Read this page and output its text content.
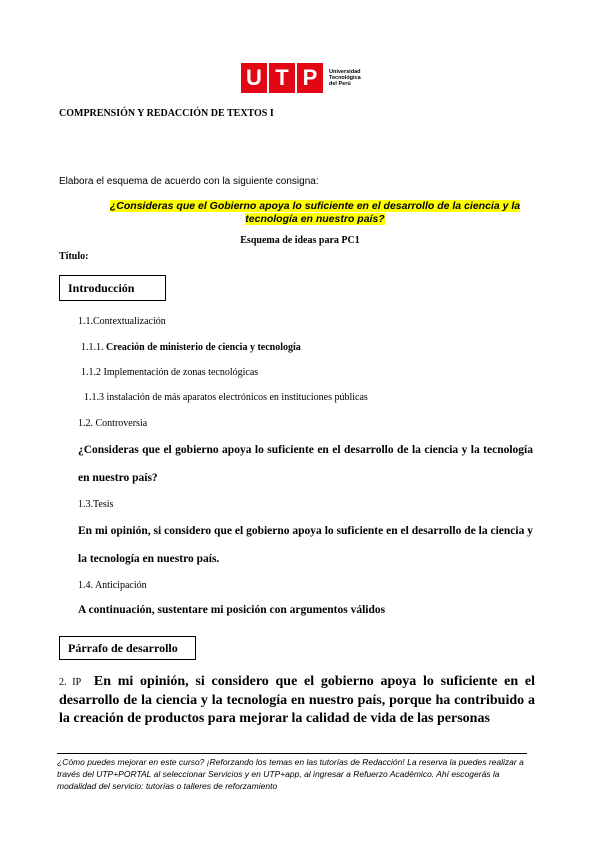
U T P	Universidad
Tecnológica
del Perú
COMPRENSIÓN Y REDACCIÓN DE TEXTOS I
Elabora el esquema de acuerdo con la siguiente consigna:
¿Consideras que el Gobierno apoya lo suficiente en el desarrollo de la ciencia y la tecnología en nuestro país?
Esquema de ideas para PC1
Título:
Introducción
1.1.Contextualización
1.1.1. Creación de ministerio de ciencia y tecnología
1.1.2 Implementación de zonas tecnológicas
1.1.3 instalación de más aparatos electrónicos en instituciones públicas
1.2. Controversia
¿Consideras que el gobierno apoya lo suficiente en el desarrollo de la ciencia y la tecnología en nuestro país?
1.3.Tesis
En mi opinión, si considero que el gobierno apoya lo suficiente en el desarrollo de la ciencia y la tecnología en nuestro país.
1.4. Anticipación
A continuación, sustentare mi posición con argumentos válidos
Párrafo de desarrollo
2. IP En mi opinión, si considero que el gobierno apoya lo suficiente en el desarrollo de la ciencia y la tecnología en nuestro país, porque ha contribuido a la creación de productos para mejorar la calidad de vida de las personas
¿Cómo puedes mejorar en este curso? ¡Reforzando los temas en las tutorías de Redacción! La reserva la puedes realizar a través del UTP+PORTAL al seleccionar Servicios y en UTP+app, al ingresar a Refuerzo Académico. Ahí escogerás la modalidad del servicio: tutorías o talleres de reforzamiento
